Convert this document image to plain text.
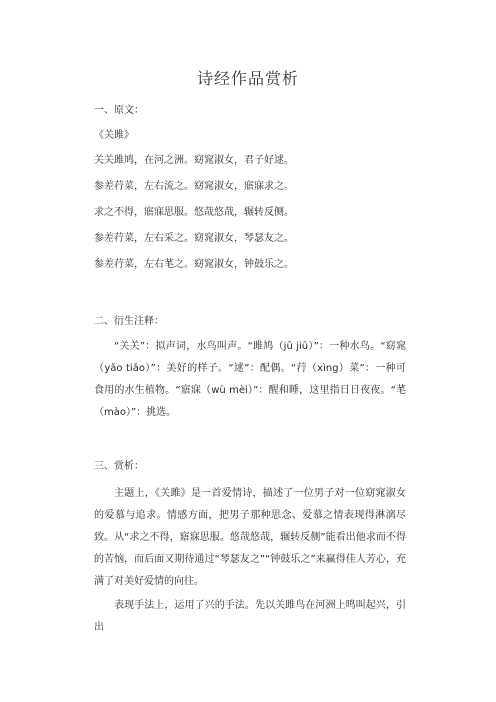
诗经作品赏析
一、原文：
《关雎》
关关雎鸠，在河之洲。窈窕淑女，君子好逑。
参差荇菜，左右流之。窈窕淑女，寤寐求之。
求之不得，寤寐思服。悠哉悠哉，辗转反侧。
参差荇菜，左右采之。窈窕淑女，琴瑟友之。
参差荇菜，左右芼之。窈窕淑女，钟鼓乐之。
二、衍生注释：
“关关”：拟声词，水鸟叫声。“雎鸠（jū jiū）”：一种水鸟。“窈窕（yǎo tiǎo）”：美好的样子。“逑”：配偶。“荇（xìng）菜”：一种可食用的水生植物。“寤寐（wù mèi）”：醒和睡，这里指日日夜夜。“芼（mào）”：挑选。
三、赏析：
主题上，《关雎》是一首爱情诗，描述了一位男子对一位窈窕淑女的爱慕与追求。情感方面，把男子那种思念、爱慕之情表现得淋漓尽致。从“求之不得，寤寐思服。悠哉悠哉，辗转反侧”能看出他求而不得的苦恼，而后面又期待通过“琴瑟友之”“钟鼓乐之”来赢得佳人芳心，充满了对美好爱情的向往。
表现手法上，运用了兴的手法。先以关雎鸟在河洲上鸣叫起兴，引出
